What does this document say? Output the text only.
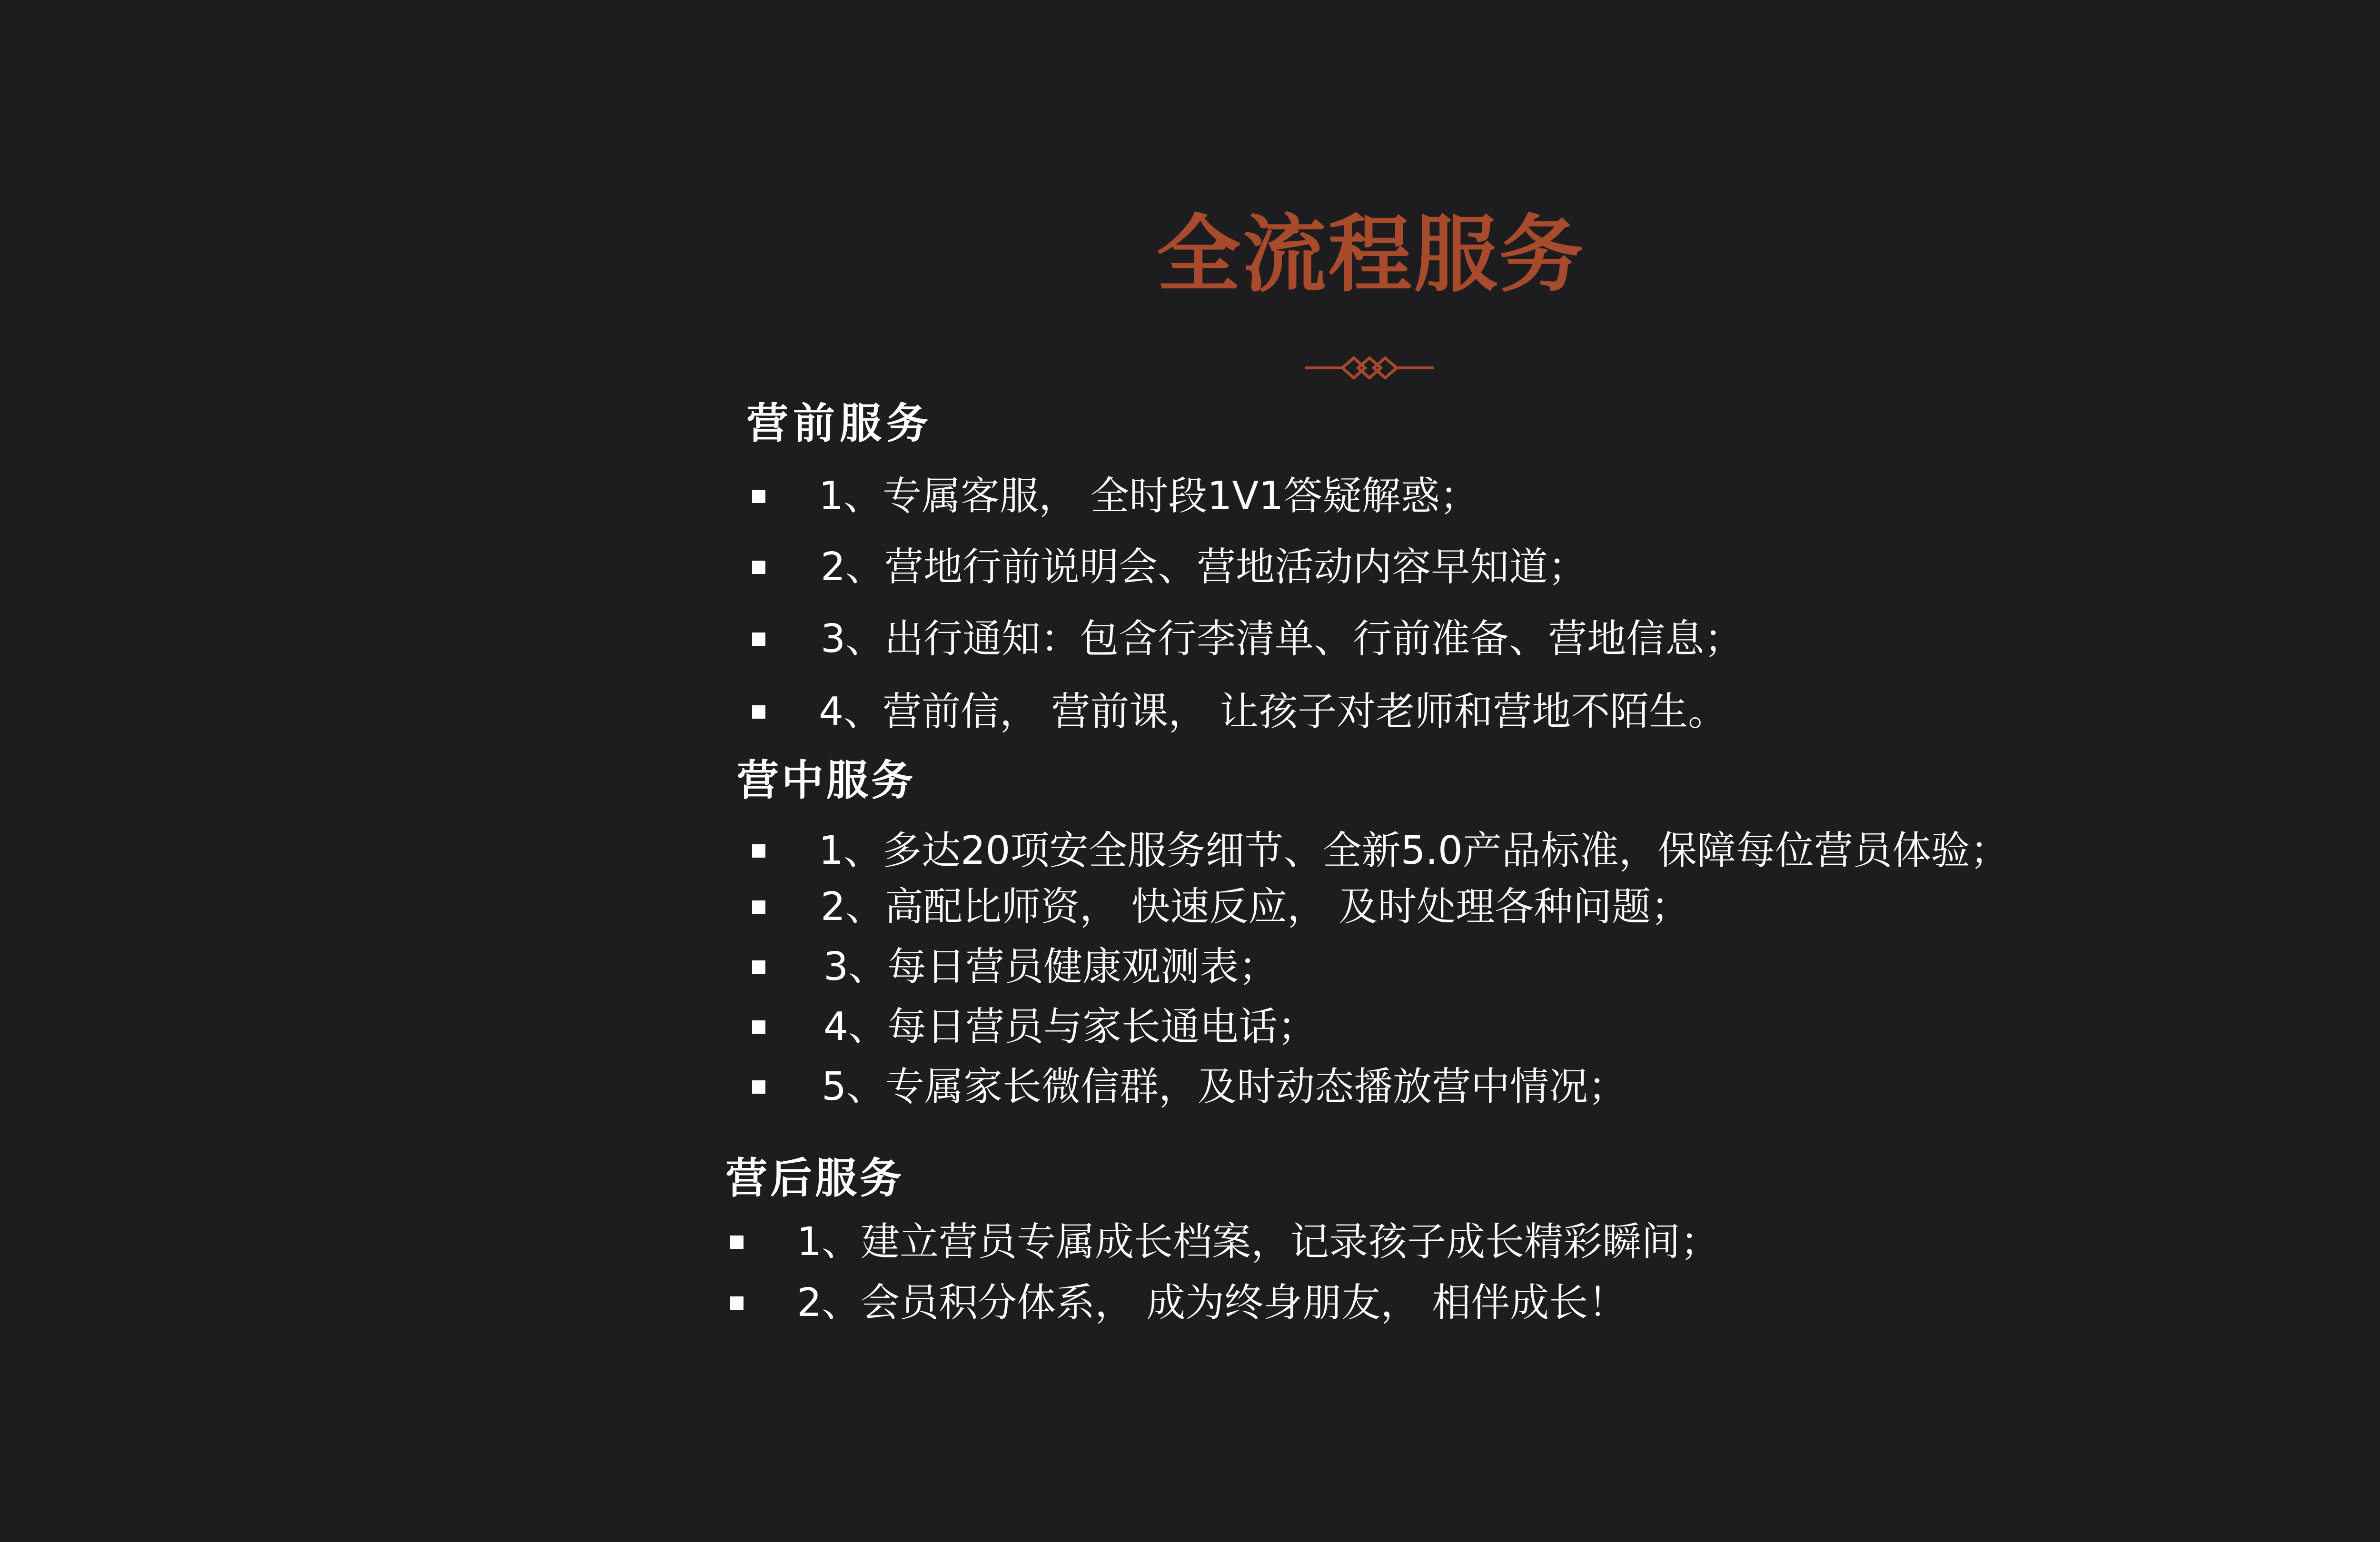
全流程服务
营前服务
1、专属客服， 全时段1V1答疑解惑；
2、营地行前说明会、营地活动内容早知道；
3、出行通知：包含行李清单、行前准备、营地信息；
4、营前信， 营前课， 让孩子对老师和营地不陌生。
营中服务
1、多达20项安全服务细节、全新5.0产品标准，保障每位营员体验；
2、高配比师资， 快速反应， 及时处理各种问题；
3、每日营员健康观测表；
4、每日营员与家长通电话；
5、专属家长微信群，及时动态播放营中情况；
营后服务
1、建立营员专属成长档案，记录孩子成长精彩瞬间；
2、会员积分体系， 成为终身朋友， 相伴成长！
